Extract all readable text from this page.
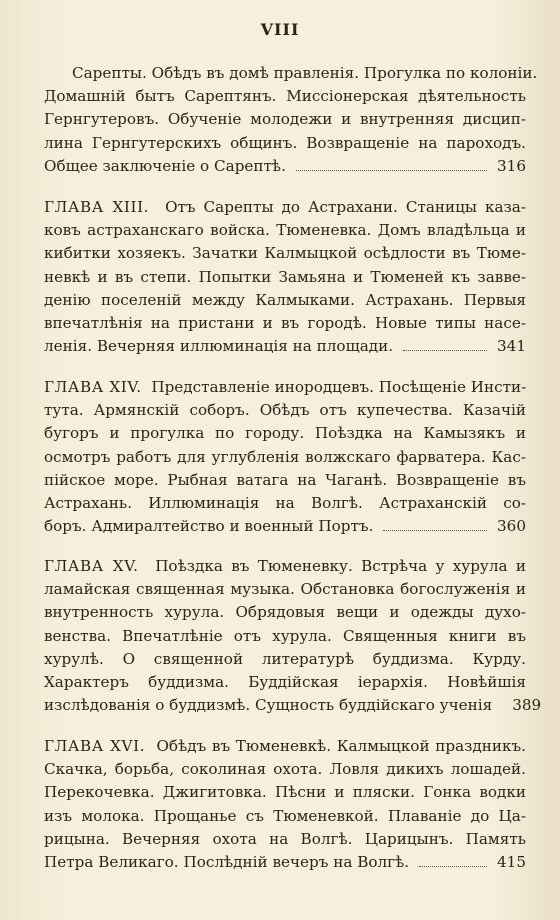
VIII
Сарепты. Обѣдъ въ домѣ правленія. Прогулка по колоніи.
Домашній бытъ Сарептянъ. Миссіонерская дѣятельность
Гернгутеровъ. Обученіе молодежи и внутренняя дисцип-
лина Гернгутерскихъ общинъ. Возвращеніе на пароходъ.
Общее заключеніе о Сарептѣ.	316
ГЛАВА XIII. Отъ Сарепты до Астрахани. Станицы каза-
ковъ астраханскаго войска. Тюменевка. Домъ владѣльца и
кибитки хозяекъ. Зачатки Калмыцкой осѣдлости въ Тюме-
невкѣ и въ степи. Попытки Замьяна и Тюменей къ завве-
денію поселеній между Калмыками. Астрахань. Первыя
впечатлѣнія на пристани и въ городѣ. Новые типы насе-
ленія. Вечерняя иллюминація на площади.	341
ГЛАВА XIV. Представленіе инородцевъ. Посѣщеніе Инсти-
тута. Армянскій соборъ. Обѣдъ отъ купечества. Казачій
бугоръ и прогулка по городу. Поѣздка на Камызякъ и
осмотръ работъ для углубленія волжскаго фарватера. Кас-
пійское море. Рыбная ватага на Чаганѣ. Возвращеніе въ
Астрахань. Иллюминація на Волгѣ. Астраханскій со-
боръ. Адмиралтейство и военный Портъ.	360
ГЛАВА XV. Поѣздка въ Тюменевку. Встрѣча у хурула и
ламайская священная музыка. Обстановка богослуженія и
внутренность хурула. Обрядовыя вещи и одежды духо-
венства. Впечатлѣніе отъ хурула. Священныя книги въ
хурулѣ. О священной литературѣ буддизма. Курду.
Характеръ буддизма. Буддійская іерархія. Новѣйшія
изслѣдованія о буддизмѣ. Сущность буддійскаго ученія 389
ГЛАВА XVI. Обѣдъ въ Тюменевкѣ. Калмыцкой праздникъ.
Скачка, борьба, соколиная охота. Ловля дикихъ лошадей.
Перекочевка. Джигитовка. Пѣсни и пляски. Гонка водки
изъ молока. Прощанье съ Тюменевкой. Плаваніе до Ца-
рицына. Вечерняя охота на Волгѣ. Царицынъ. Память
Петра Великаго. Послѣдній вечеръ на Волгѣ.	415
